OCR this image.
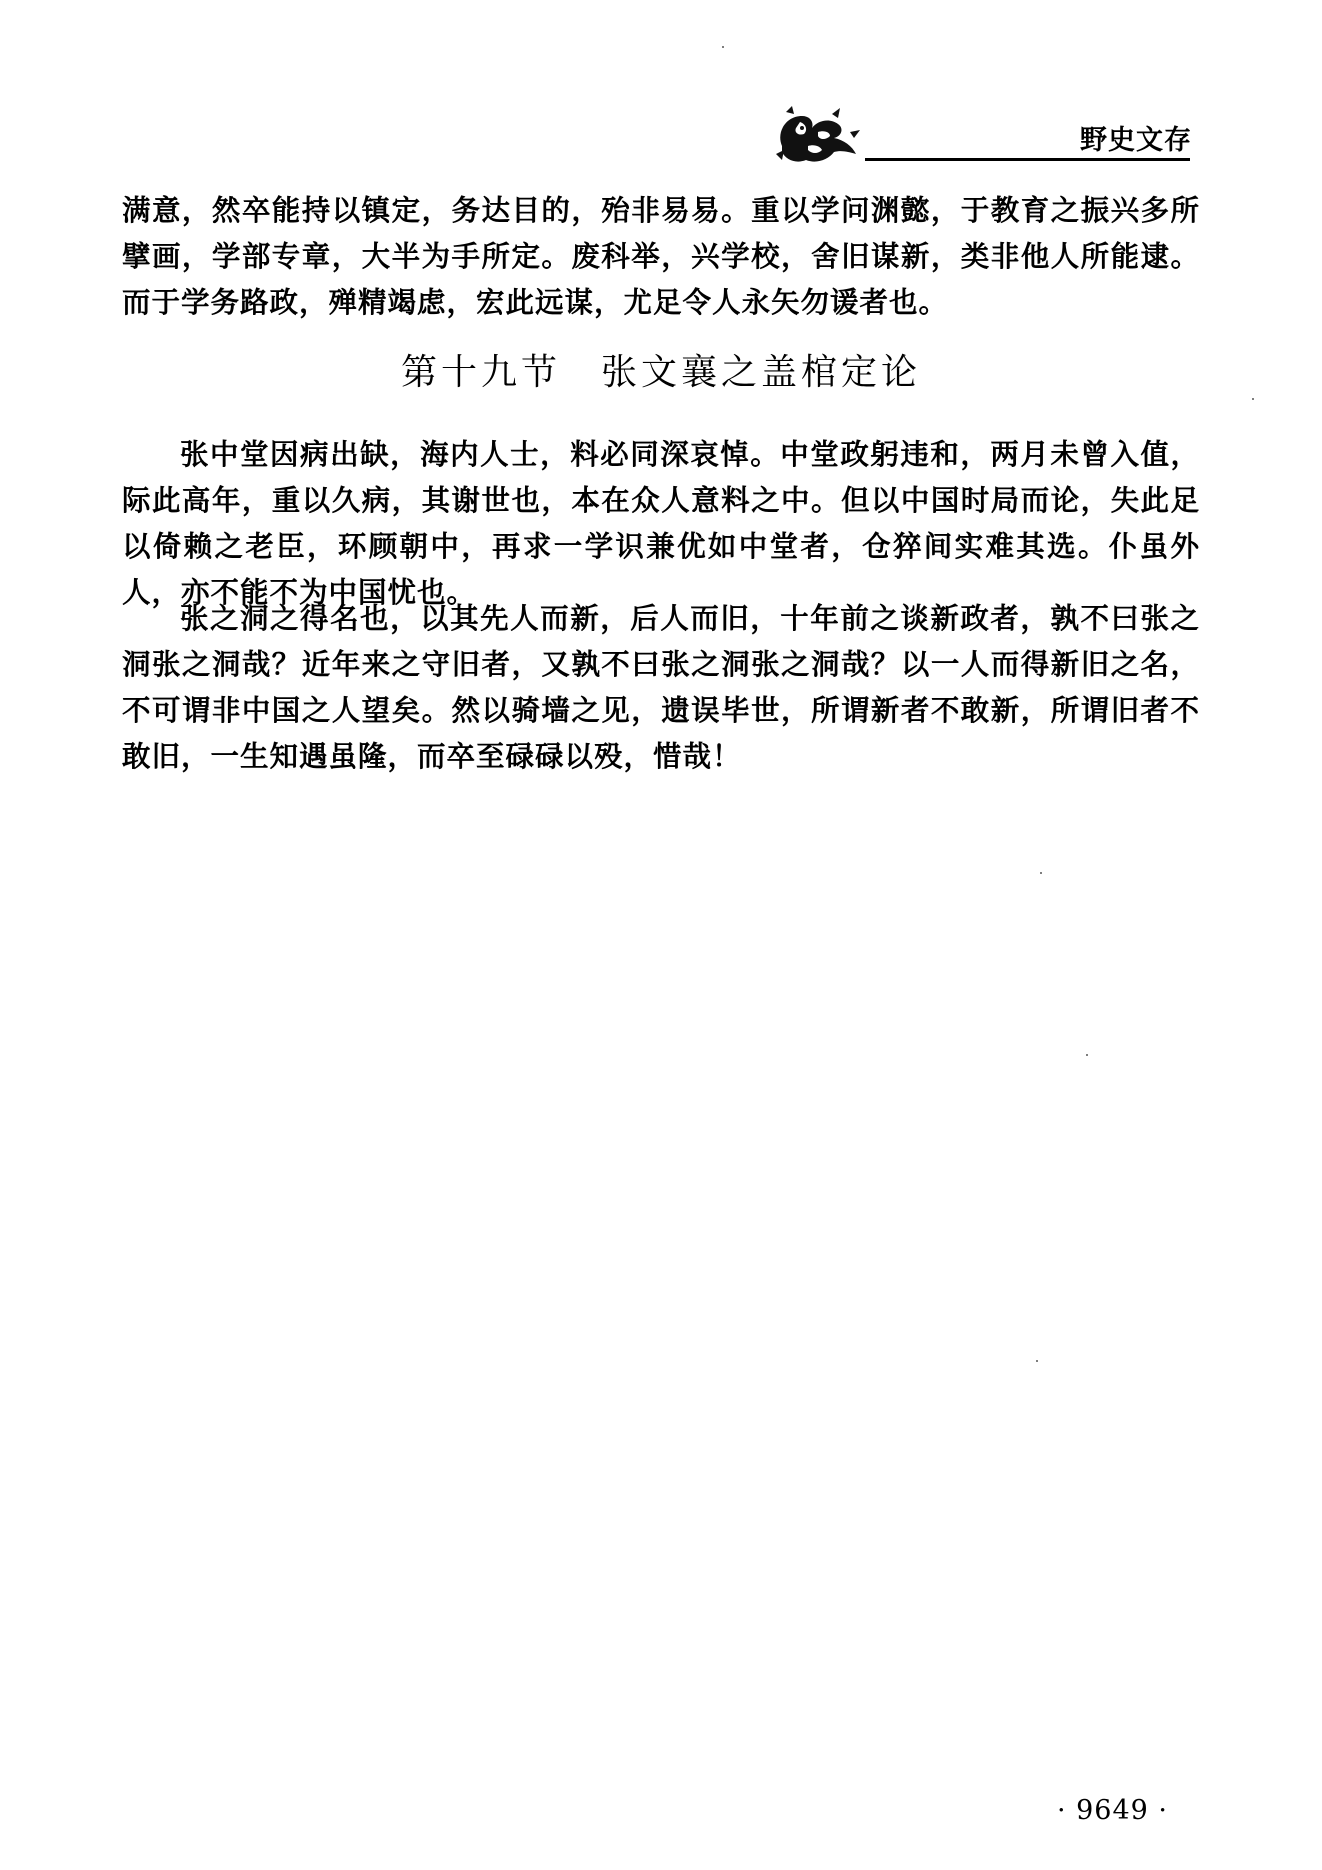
野史文存

满意，然卒能持以镇定，务达目的，殆非易易。重以学问渊懿，于教育之振兴多所擘画，学部专章，大半为手所定。废科举，兴学校，舍旧谋新，类非他人所能逮。而于学务路政，殚精竭虑，宏此远谋，尤足令人永矢勿谖者也。

第十九节 张文襄之盖棺定论

张中堂因病出缺，海内人士，料必同深哀悼。中堂政躬违和，两月未曾入值，际此高年，重以久病，其谢世也，本在众人意料之中。但以中国时局而论，失此足以倚赖之老臣，环顾朝中，再求一学识兼优如中堂者，仓猝间实难其选。仆虽外人，亦不能不为中国忧也。

张之洞之得名也，以其先人而新，后人而旧，十年前之谈新政者，孰不曰张之洞张之洞哉？近年来之守旧者，又孰不曰张之洞张之洞哉？以一人而得新旧之名，不可谓非中国之人望矣。然以骑墙之见，遗误毕世，所谓新者不敢新，所谓旧者不敢旧，一生知遇虽隆，而卒至碌碌以殁，惜哉！

· 9649 ·
